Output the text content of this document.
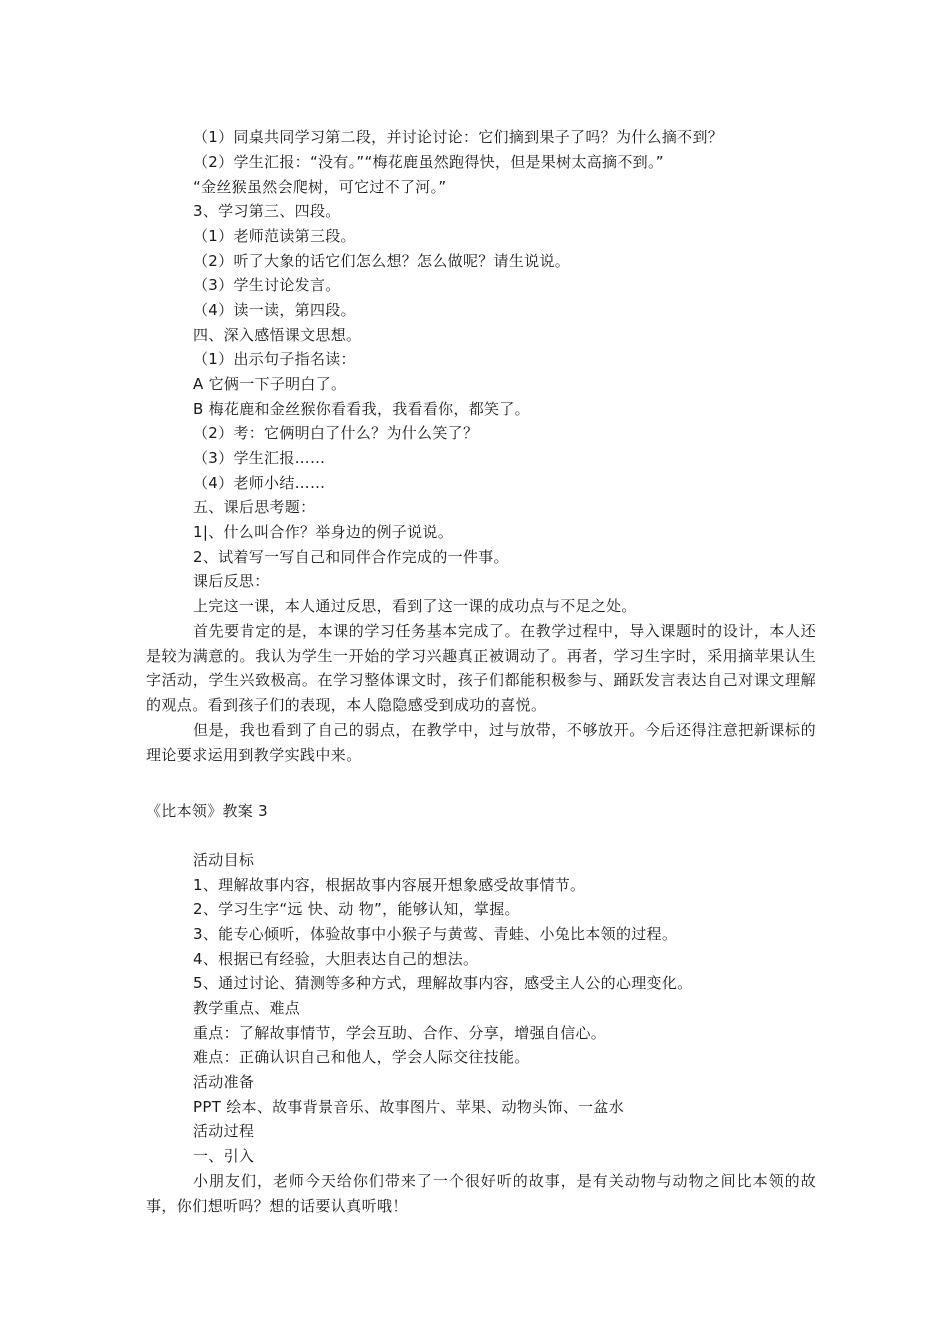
（1）同桌共同学习第二段，并讨论讨论：它们摘到果子了吗？为什么摘不到？
（2）学生汇报：“没有。”“梅花鹿虽然跑得快，但是果树太高摘不到。”
“金丝猴虽然会爬树，可它过不了河。”
3、学习第三、四段。
（1）老师范读第三段。
（2）听了大象的话它们怎么想？怎么做呢？请生说说。
（3）学生讨论发言。
（4）读一读，第四段。
四、深入感悟课文思想。
（1）出示句子指名读：
A 它俩一下子明白了。
B 梅花鹿和金丝猴你看看我，我看看你，都笑了。
（2）考：它俩明白了什么？为什么笑了？
（3）学生汇报……
（4）老师小结……
五、课后思考题：
1|、什么叫合作？举身边的例子说说。
2、试着写一写自己和同伴合作完成的一件事。
课后反思：
上完这一课，本人通过反思，看到了这一课的成功点与不足之处。
首先要肯定的是，本课的学习任务基本完成了。在教学过程中，导入课题时的设计，本人还是较为满意的。我认为学生一开始的学习兴趣真正被调动了。再者，学习生字时，采用摘苹果认生字活动，学生兴致极高。在学习整体课文时，孩子们都能积极参与、踊跃发言表达自己对课文理解的观点。看到孩子们的表现，本人隐隐感受到成功的喜悦。
但是，我也看到了自己的弱点，在教学中，过与放带，不够放开。今后还得注意把新课标的理论要求运用到教学实践中来。
《比本领》教案 3
活动目标
1、理解故事内容，根据故事内容展开想象感受故事情节。
2、学习生字“远 快、动 物”，能够认知，掌握。
3、能专心倾听，体验故事中小猴子与黄莺、青蛙、小兔比本领的过程。
4、根据已有经验，大胆表达自己的想法。
5、通过讨论、猜测等多种方式，理解故事内容，感受主人公的心理变化。
教学重点、难点
重点：了解故事情节，学会互助、合作、分享，增强自信心。
难点：正确认识自己和他人，学会人际交往技能。
活动准备
PPT 绘本、故事背景音乐、故事图片、苹果、动物头饰、一盆水
活动过程
一、引入
小朋友们，老师今天给你们带来了一个很好听的故事，是有关动物与动物之间比本领的故事，你们想听吗？想的话要认真听哦！
